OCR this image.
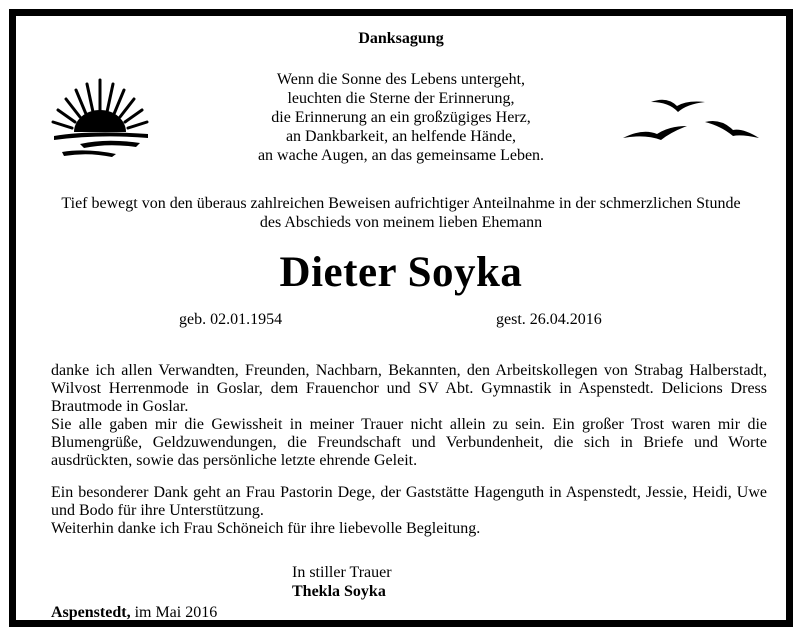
Danksagung
Wenn die Sonne des Lebens untergeht,
leuchten die Sterne der Erinnerung,
die Erinnerung an ein großzügiges Herz,
an Dankbarkeit, an helfende Hände,
an wache Augen, an das gemeinsame Leben.
Tief bewegt von den überaus zahlreichen Beweisen aufrichtiger Anteilnahme in der schmerzlichen Stunde des Abschieds von meinem lieben Ehemann
Dieter Soyka
geb. 02.01.1954	gest. 26.04.2016

danke ich allen Verwandten, Freunden, Nachbarn, Bekannten, den Arbeitskollegen von Strabag Halberstadt, Wilvost Herrenmode in Goslar, dem Frauenchor und SV Abt. Gymnastik in Aspenstedt. Delicions Dress Brautmode in Goslar.

Sie alle gaben mir die Gewissheit in meiner Trauer nicht allein zu sein. Ein großer Trost waren mir die Blumengrüße, Geldzuwendungen, die Freundschaft und Verbundenheit, die sich in Briefe und Worte ausdrückten, sowie das persönliche letzte ehrende Geleit.

Ein besonderer Dank geht an Frau Pastorin Dege, der Gaststätte Hagenguth in Aspenstedt, Jessie, Heidi, Uwe und Bodo für ihre Unterstützung.

Weiterhin danke ich Frau Schöneich für ihre liebevolle Begleitung.

In stiller Trauer
Thekla Soyka
Aspenstedt, im Mai 2016
